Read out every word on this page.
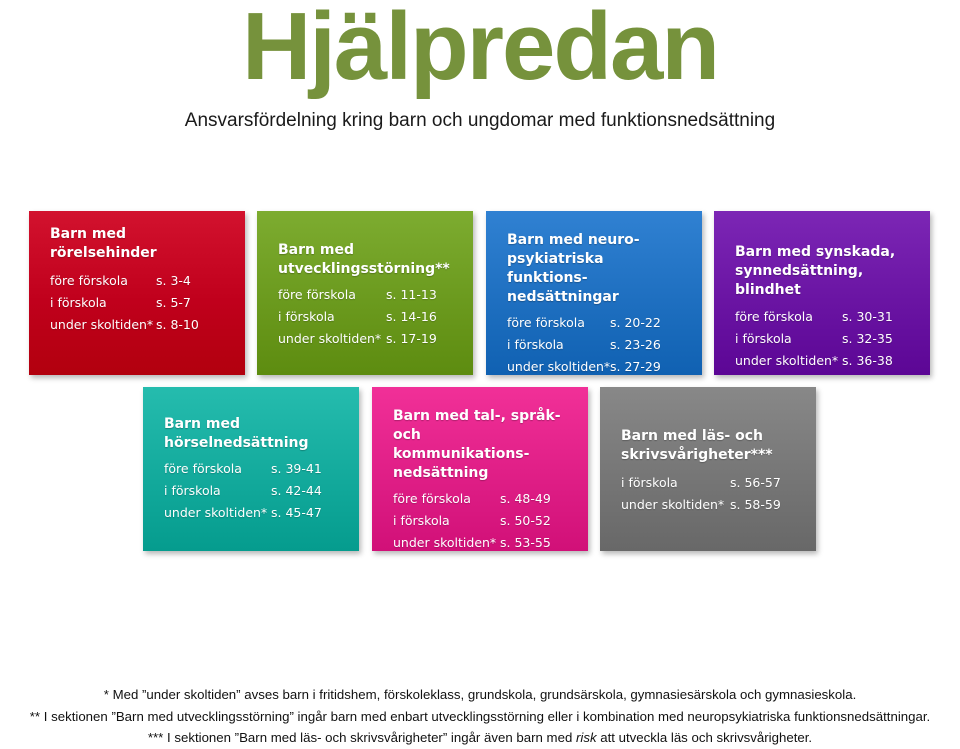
Hjälpredan
Ansvarsfördelning kring barn och ungdomar med funktionsnedsättning
Barn med rörelsehinder
före förskola	s. 3-4
i förskola	s. 5-7
under skoltiden* s. 8-10
Barn med
utvecklingsstörning**
före förskola	s. 11-13
i förskola	s. 14-16
under skoltiden* s. 17-19
Barn med neuro-
psykiatriska funktions-
nedsättningar
före förskola	s. 20-22
i förskola	s. 23-26
under skoltiden* s. 27-29
Barn med synskada,
synnedsättning, blindhet
före förskola	s. 30-31
i förskola	s. 32-35
under skoltiden* s. 36-38
Barn med
hörselnedsättning
före förskola	s. 39-41
i förskola	s. 42-44
under skoltiden* s. 45-47
Barn med tal-, språk- och
kommunikations-
nedsättning
före förskola	s. 48-49
i förskola	s. 50-52
under skoltiden* s. 53-55
Barn med läs- och
skrivsvårigheter***
i förskola	s. 56-57
under skoltiden* s. 58-59
* Med ”under skoltiden” avses barn i fritidshem, förskoleklass, grundskola, grundsärskola, gymnasiesärskola och gymnasieskola.
** I sektionen ”Barn med utvecklingsstörning” ingår barn med enbart utvecklingsstörning eller i kombination med neuropsykiatriska funktionsnedsättningar.
*** I sektionen ”Barn med läs- och skrivsvårigheter” ingår även barn med risk att utveckla läs och skrivsvårigheter.
